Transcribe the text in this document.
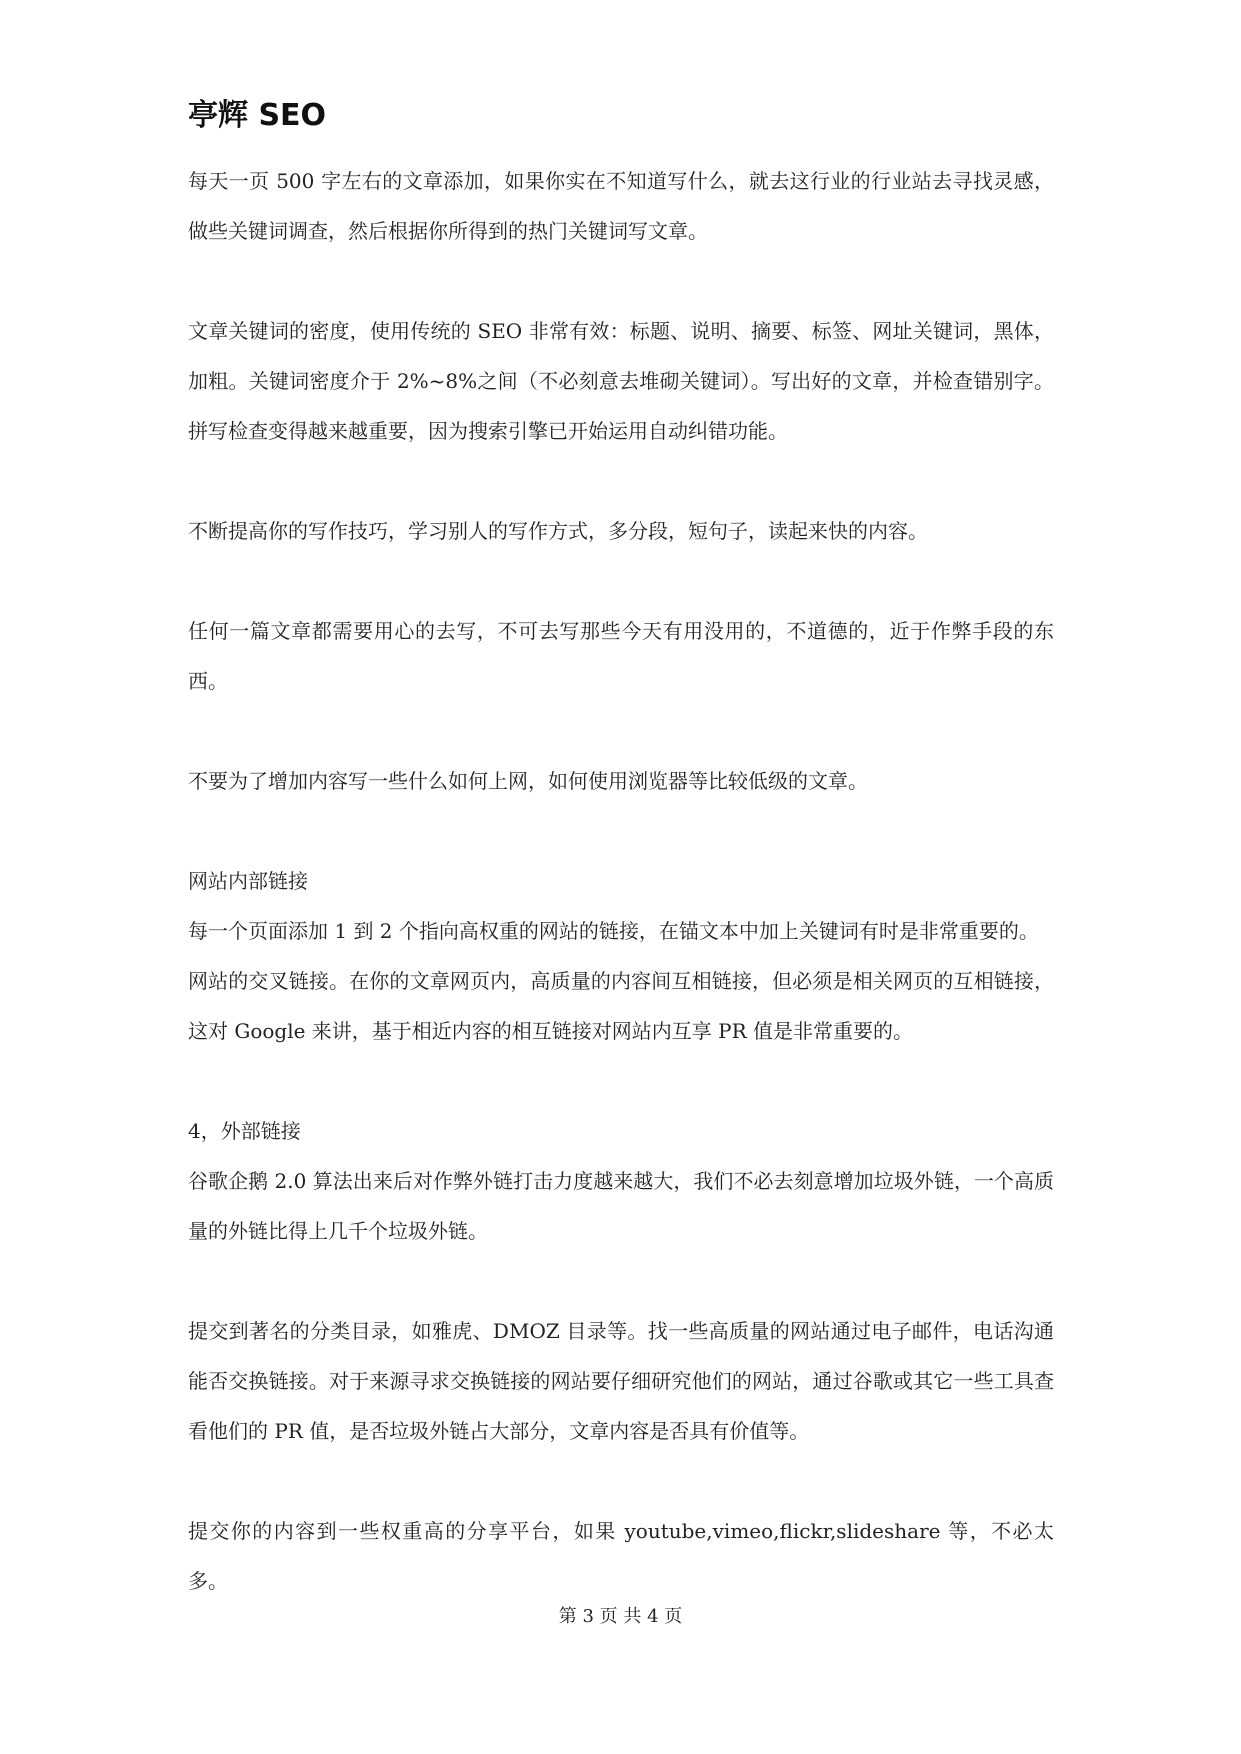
亭辉 SEO

每天一页 500 字左右的文章添加，如果你实在不知道写什么，就去这行业的行业站去寻找灵感，做些关键词调查，然后根据你所得到的热门关键词写文章。

文章关键词的密度，使用传统的 SEO 非常有效：标题、说明、摘要、标签、网址关键词，黑体，加粗。关键词密度介于 2%~8%之间（不必刻意去堆砌关键词）。写出好的文章，并检查错别字。拼写检查变得越来越重要，因为搜索引擎已开始运用自动纠错功能。

不断提高你的写作技巧，学习别人的写作方式，多分段，短句子，读起来快的内容。

任何一篇文章都需要用心的去写，不可去写那些今天有用没用的，不道德的，近于作弊手段的东西。

不要为了增加内容写一些什么如何上网，如何使用浏览器等比较低级的文章。

网站内部链接

每一个页面添加 1 到 2 个指向高权重的网站的链接，在锚文本中加上关键词有时是非常重要的。

网站的交叉链接。在你的文章网页内，高质量的内容间互相链接，但必须是相关网页的互相链接，这对 Google 来讲，基于相近内容的相互链接对网站内互享 PR 值是非常重要的。

4，外部链接

谷歌企鹅 2.0 算法出来后对作弊外链打击力度越来越大，我们不必去刻意增加垃圾外链，一个高质量的外链比得上几千个垃圾外链。

提交到著名的分类目录，如雅虎、DMOZ 目录等。找一些高质量的网站通过电子邮件，电话沟通能否交换链接。对于来源寻求交换链接的网站要仔细研究他们的网站，通过谷歌或其它一些工具查看他们的 PR 值，是否垃圾外链占大部分，文章内容是否具有价值等。

提交你的内容到一些权重高的分享平台，如果 youtube,vimeo,flickr,slideshare 等，不必太多。

第 3 页 共 4 页
